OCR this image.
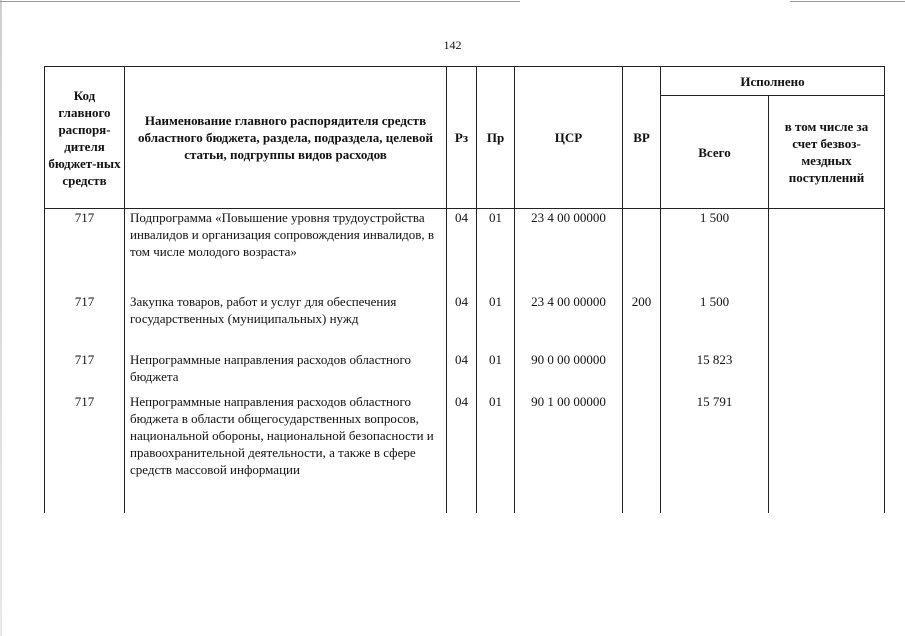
142
Код главного распоря-дителя бюджет-ных средств	Наименование главного распорядителя средств областного бюджета, раздела, подраздела, целевой статьи, подгруппы видов расходов	Рз	Пр	ЦСР	ВР	Исполнено	
						Всего	в том числе за счет безвоз-мездных поступлений
717	Подпрограмма «Повышение уровня трудоустройства инвалидов и организация сопровождения инвалидов, в том числе молодого возраста»	04	01	23 4 00 00000		1 500	
717	Закупка товаров, работ и услуг для обеспечения государственных (муниципальных) нужд	04	01	23 4 00 00000	200	1 500	
717	Непрограммные направления расходов областного бюджета	04	01	90 0 00 00000		15 823	
717	Непрограммные направления расходов областного бюджета в области общегосударственных вопросов, национальной обороны, национальной безопасности и правоохранительной деятельности, а также в сфере средств массовой информации	04	01	90 1 00 00000		15 791	
